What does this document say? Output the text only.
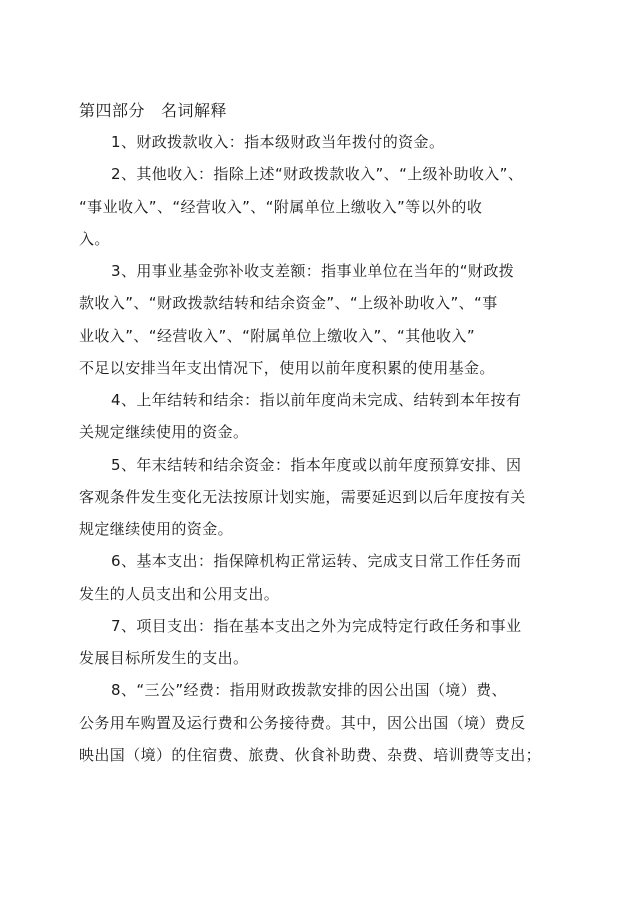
第四部分 名词解释
1、财政拨款收入：指本级财政当年拨付的资金。
2、其他收入：指除上述“财政拨款收入”、“上级补助收入”、
“事业收入”、“经营收入”、“附属单位上缴收入”等以外的收
入。
3、用事业基金弥补收支差额：指事业单位在当年的“财政拨
款收入”、“财政拨款结转和结余资金”、“上级补助收入”、“事
业收入”、“经营收入”、“附属单位上缴收入”、“其他收入”
不足以安排当年支出情况下，使用以前年度积累的使用基金。
4、上年结转和结余：指以前年度尚未完成、结转到本年按有
关规定继续使用的资金。
5、年末结转和结余资金：指本年度或以前年度预算安排、因
客观条件发生变化无法按原计划实施，需要延迟到以后年度按有关
规定继续使用的资金。
6、基本支出：指保障机构正常运转、完成支日常工作任务而
发生的人员支出和公用支出。
7、项目支出：指在基本支出之外为完成特定行政任务和事业
发展目标所发生的支出。
8、“三公”经费：指用财政拨款安排的因公出国（境）费、
公务用车购置及运行费和公务接待费。其中，因公出国（境）费反
映出国（境）的住宿费、旅费、伙食补助费、杂费、培训费等支出；
